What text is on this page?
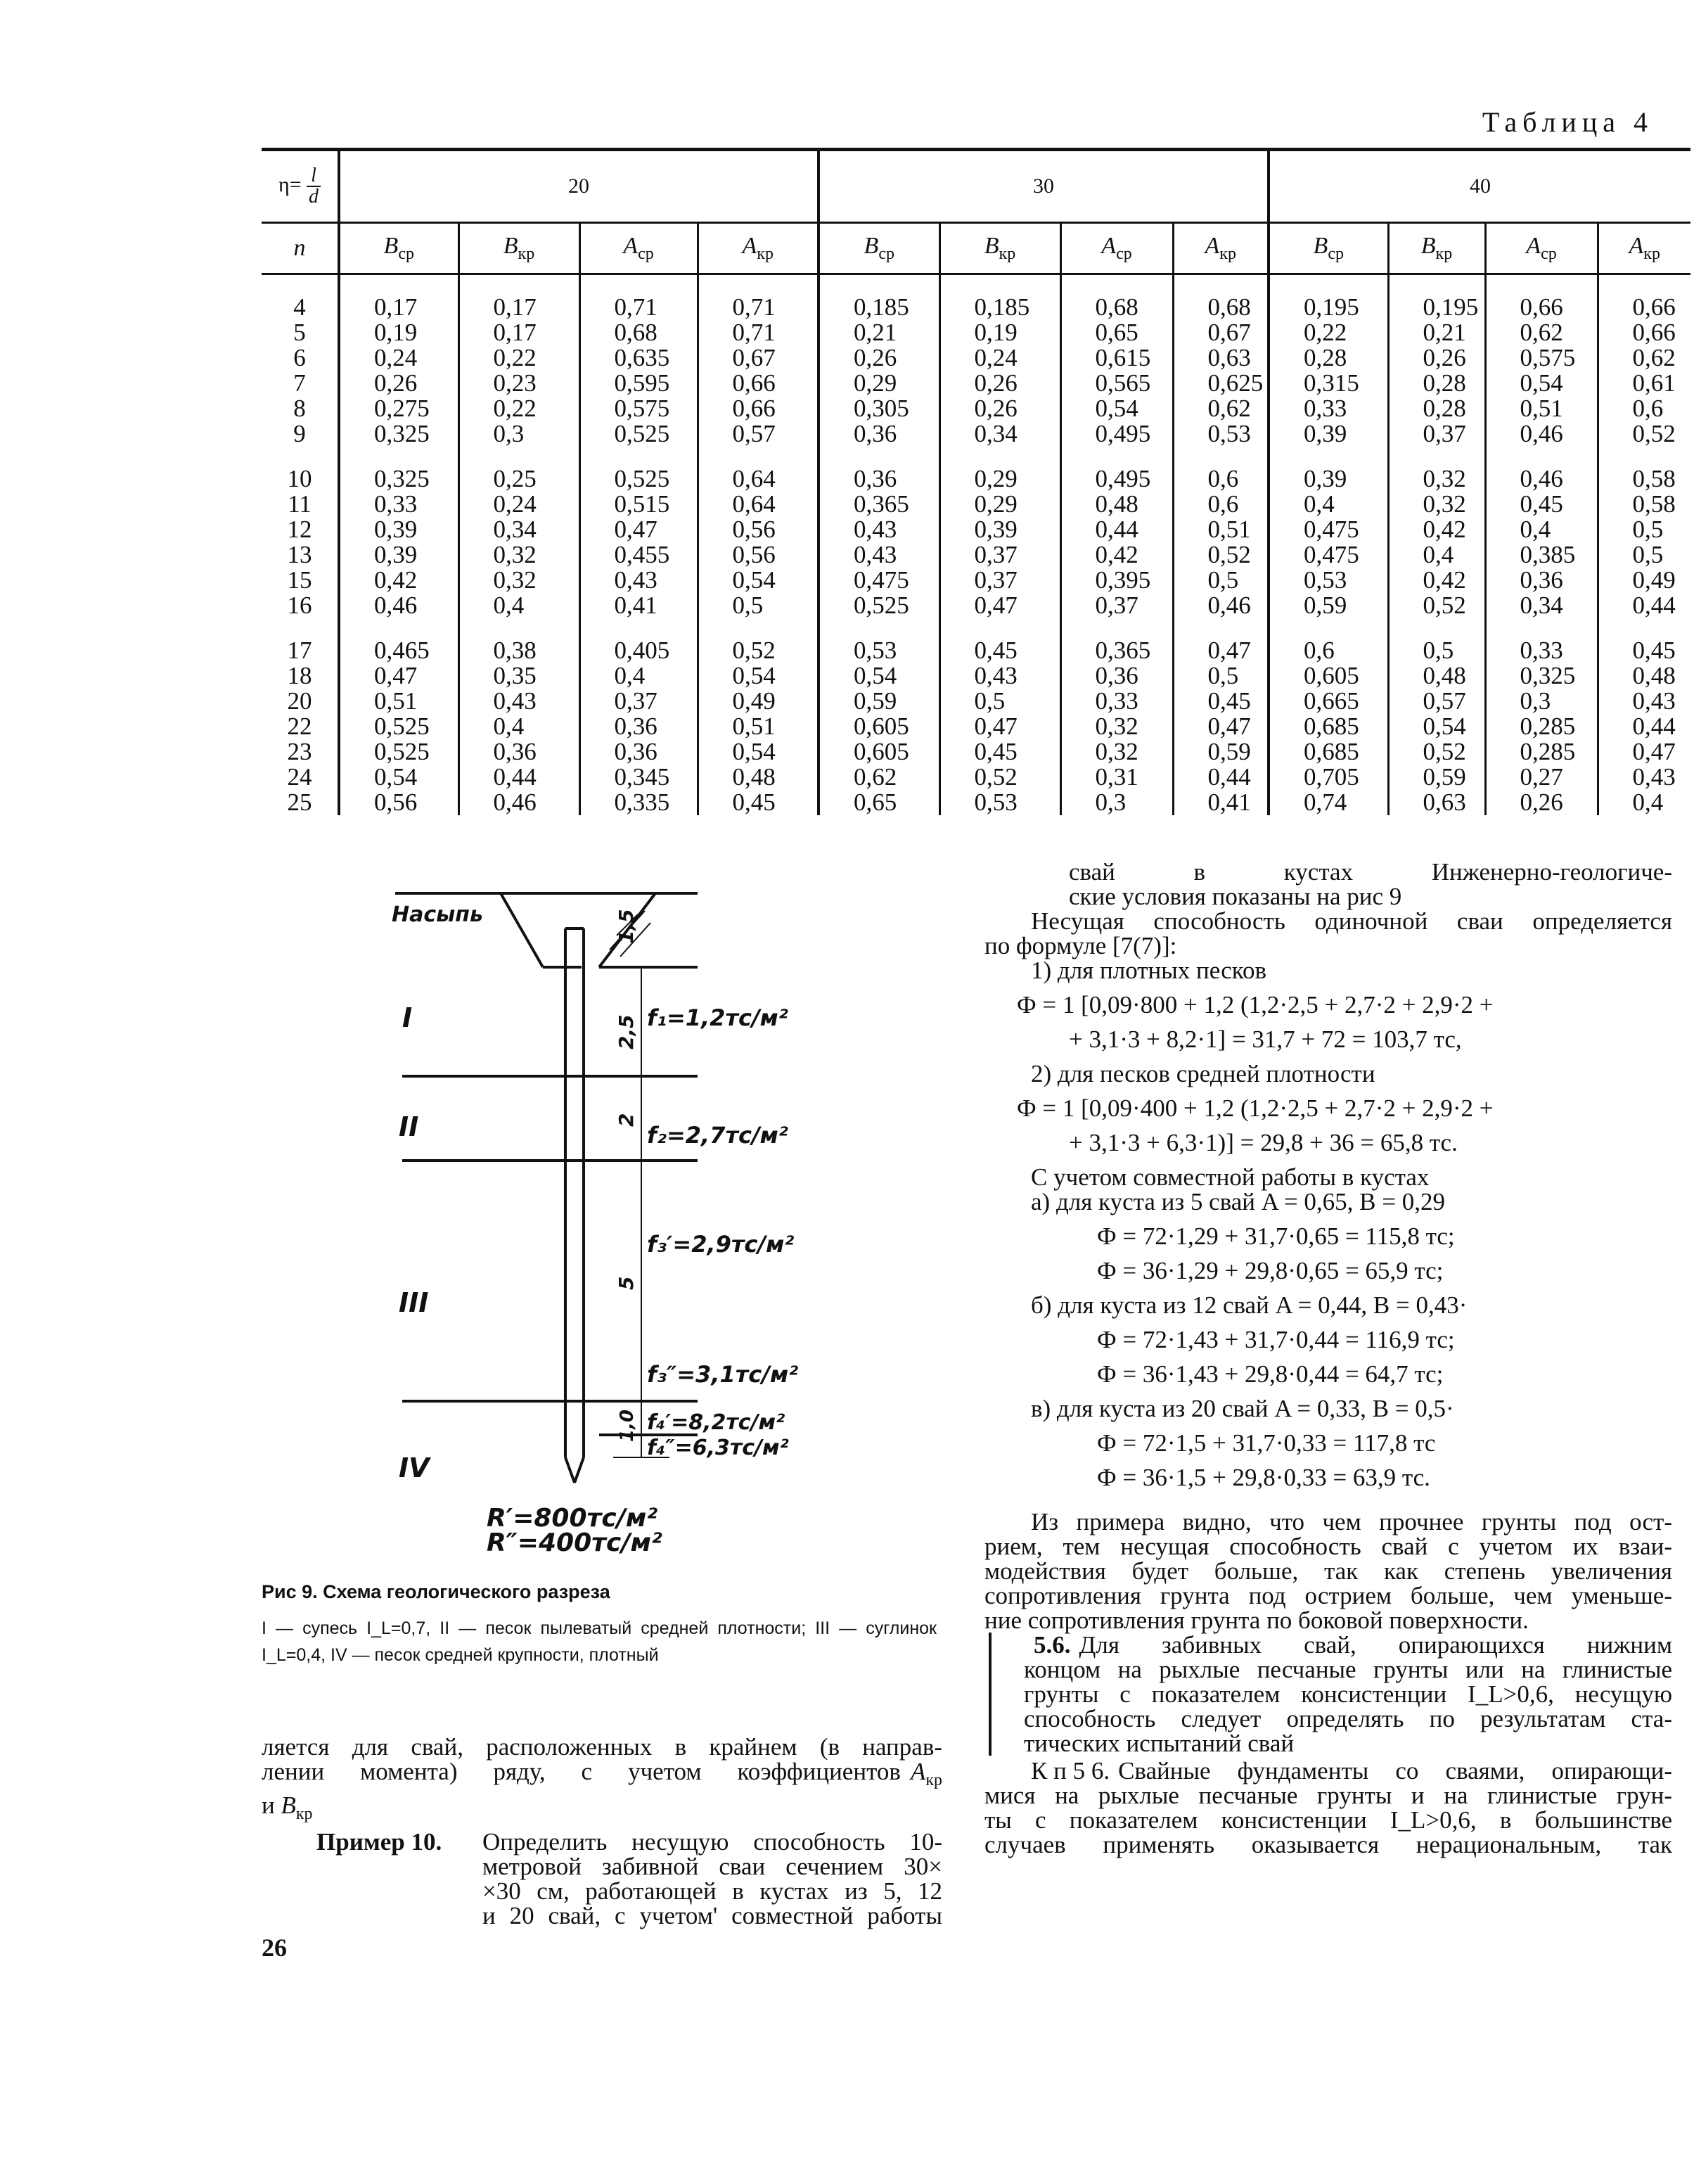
Таблица 4

$\eta= \frac{l}{d}$	20				30				40			
n	$B_{ср}$	$B_{кр}$	$A_{ср}$	$A_{кр}$	$B_{ср}$	$B_{кр}$	$A_{ср}$	$A_{кр}$	$B_{ср}$	$B_{кр}$	$A_{ср}$	$A_{кр}$

4	0,17	0,17	0,71	0,71	0,185	0,185	0,68	0,68	0,195	0,195	0,66	0,66
5	0,19	0,17	0,68	0,71	0,21	0,19	0,65	0,67	0,22	0,21	0,62	0,66
6	0,24	0,22	0,635	0,67	0,26	0,24	0,615	0,63	0,28	0,26	0,575	0,62
7	0,26	0,23	0,595	0,66	0,29	0,26	0,565	0,625	0,315	0,28	0,54	0,61
8	0,275	0,22	0,575	0,66	0,305	0,26	0,54	0,62	0,33	0,28	0,51	0,6
9	0,325	0,3	0,525	0,57	0,36	0,34	0,495	0,53	0,39	0,37	0,46	0,52

10	0,325	0,25	0,525	0,64	0,36	0,29	0,495	0,6	0,39	0,32	0,46	0,58
11	0,33	0,24	0,515	0,64	0,365	0,29	0,48	0,6	0,4	0,32	0,45	0,58
12	0,39	0,34	0,47	0,56	0,43	0,39	0,44	0,51	0,475	0,42	0,4	0,5
13	0,39	0,32	0,455	0,56	0,43	0,37	0,42	0,52	0,475	0,4	0,385	0,5
15	0,42	0,32	0,43	0,54	0,475	0,37	0,395	0,5	0,53	0,42	0,36	0,49
16	0,46	0,4	0,41	0,5	0,525	0,47	0,37	0,46	0,59	0,52	0,34	0,44

17	0,465	0,38	0,405	0,52	0,53	0,45	0,365	0,47	0,6	0,5	0,33	0,45
18	0,47	0,35	0,4	0,54	0,54	0,43	0,36	0,5	0,605	0,48	0,325	0,48
20	0,51	0,43	0,37	0,49	0,59	0,5	0,33	0,45	0,665	0,57	0,3	0,43
22	0,525	0,4	0,36	0,51	0,605	0,47	0,32	0,47	0,685	0,54	0,285	0,44
23	0,525	0,36	0,36	0,54	0,605	0,45	0,32	0,59	0,685	0,52	0,285	0,47
24	0,54	0,44	0,345	0,48	0,62	0,52	0,31	0,44	0,705	0,59	0,27	0,43
25	0,56	0,46	0,335	0,45	0,65	0,53	0,3	0,41	0,74	0,63	0,26	0,4
Насыпь
I
II
III
IV
1,5
2,5
2
5
1,0
f₁=1,2тс/м²
f₂=2,7тс/м²
f₃′=2,9тс/м²
f₃″=3,1тс/м²
f₄′=8,2тс/м²
f₄″=6,3тс/м²
R′=800тс/м²
R″=400тс/м²
Рис 9. Схема геологического разреза
I — супесь I_L=0,7, II — песок пылеватый средней плотности; III — суглинок I_L=0,4, IV — песок средней крупности, плотный
ляется для свай, расположенных в крайнем (в направ-
лении момента) ряду, с учетом коэффициентов $A_{кр}$
и $B_{кр}$
Пример 10.	Определить несущую способность 10-
метровой забивной сваи сечением 30×
×30 см, работающей в кустах из 5, 12
и 20 свай, с учетом' совместной работы
26
свай в кустах Инженерно-геологиче-
ские условия показаны на рис 9
Несущая способность одиночной сваи определяется
по формуле [7(7)]:
1) для плотных песков
Ф = 1 [0,09·800 + 1,2 (1,2·2,5 + 2,7·2 + 2,9·2 +
+ 3,1·3 + 8,2·1] = 31,7 + 72 = 103,7 тс,
2) для песков средней плотности
Ф = 1 [0,09·400 + 1,2 (1,2·2,5 + 2,7·2 + 2,9·2 +
+ 3,1·3 + 6,3·1)] = 29,8 + 36 = 65,8 тс.
С учетом совместной работы в кустах
а) для куста из 5 свай A = 0,65, B = 0,29
Ф = 72·1,29 + 31,7·0,65 = 115,8 тс;
Ф = 36·1,29 + 29,8·0,65 = 65,9 тс;
б) для куста из 12 свай A = 0,44, B = 0,43·
Ф = 72·1,43 + 31,7·0,44 = 116,9 тс;
Ф = 36·1,43 + 29,8·0,44 = 64,7 тс;
в) для куста из 20 свай A = 0,33, B = 0,5·
Ф = 72·1,5 + 31,7·0,33 = 117,8 тс
Ф = 36·1,5 + 29,8·0,33 = 63,9 тс.
Из примера видно, что чем прочнее грунты под ост-
рием, тем несущая способность свай с учетом их взаи-
модействия будет больше, так как степень увеличения
сопротивления грунта под острием больше, чем уменьше-
ние сопротивления грунта по боковой поверхности.
5.6. Для забивных свай, опирающихся нижним
концом на рыхлые песчаные грунты или на глинистые
грунты с показателем консистенции I_L>0,6, несущую
способность следует определять по результатам ста-
тических испытаний свай
К п 5 6. Свайные фундаменты со сваями, опирающи-
мися на рыхлые песчаные грунты и на глинистые грун-
ты с показателем консистенции I_L>0,6, в большинстве
случаев применять оказывается нерациональным, так
